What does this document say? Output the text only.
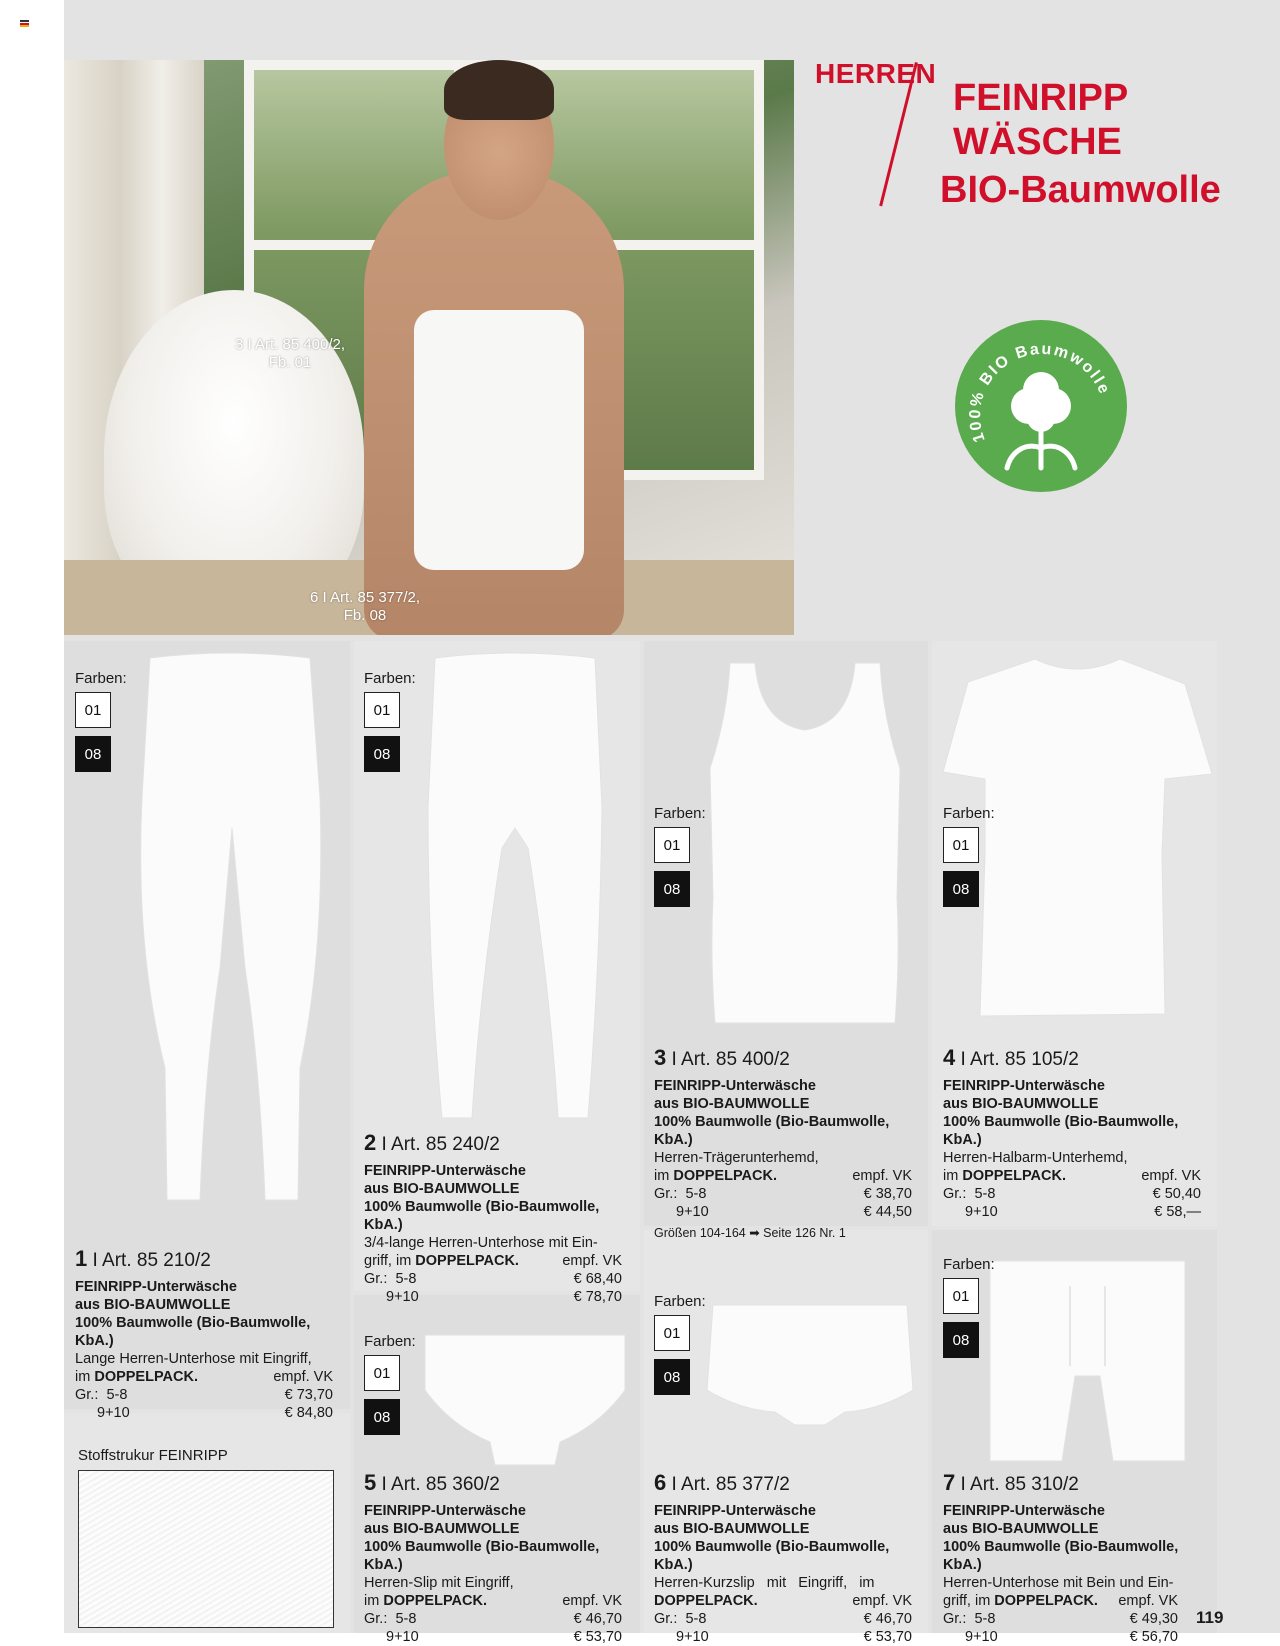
3 I Art. 85 400/2,
Fb. 01
6 I Art. 85 377/2,
Fb. 08
HERREN
FEINRIPP
WÄSCHE
BIO-Baumwolle
100% BIO Baumwolle
Farben:
01
08
Farben:
01
08
Farben:
01
08
Farben:
01
08
Farben:
01
08
Farben:
01
08
Farben:
01
08
1 I Art. 85 210/2
FEINRIPP-Unterwäsche
aus BIO-BAUMWOLLE
100% Baumwolle (Bio-Baumwolle, KbA.)
Lange Herren-Unterhose mit Eingriff,
im DOPPELPACK.	empf. VK
Gr.: 5-8	€ 73,70
9+10	€ 84,80
2 I Art. 85 240/2
FEINRIPP-Unterwäsche
aus BIO-BAUMWOLLE
100% Baumwolle (Bio-Baumwolle, KbA.)
3/4-lange Herren-Unterhose mit Ein-
griff, im DOPPELPACK.	empf. VK
Gr.: 5-8	€ 68,40
9+10	€ 78,70
3 I Art. 85 400/2
FEINRIPP-Unterwäsche
aus BIO-BAUMWOLLE
100% Baumwolle (Bio-Baumwolle, KbA.)
Herren-Trägerunterhemd,
im DOPPELPACK.	empf. VK
Gr.: 5-8	€ 38,70
9+10	€ 44,50
Größen 104-164 ➡ Seite 126 Nr. 1
4 I Art. 85 105/2
FEINRIPP-Unterwäsche
aus BIO-BAUMWOLLE
100% Baumwolle (Bio-Baumwolle, KbA.)
Herren-Halbarm-Unterhemd,
im DOPPELPACK.	empf. VK
Gr.: 5-8	€ 50,40
9+10	€ 58,—
5 I Art. 85 360/2
FEINRIPP-Unterwäsche
aus BIO-BAUMWOLLE
100% Baumwolle (Bio-Baumwolle, KbA.)
Herren-Slip mit Eingriff,
im DOPPELPACK.	empf. VK
Gr.: 5-8	€ 46,70
9+10	€ 53,70
6 I Art. 85 377/2
FEINRIPP-Unterwäsche
aus BIO-BAUMWOLLE
100% Baumwolle (Bio-Baumwolle, KbA.)
Herren-Kurzslip   mit   Eingriff,   im
DOPPELPACK.	empf. VK
Gr.: 5-8	€ 46,70
9+10	€ 53,70
7 I Art. 85 310/2
FEINRIPP-Unterwäsche
aus BIO-BAUMWOLLE
100% Baumwolle (Bio-Baumwolle, KbA.)
Herren-Unterhose mit Bein und Ein-
griff, im DOPPELPACK. empf. VK
Gr.: 5-8	€ 49,30
9+10	€ 56,70
Stoffstrukur FEINRIPP
119
